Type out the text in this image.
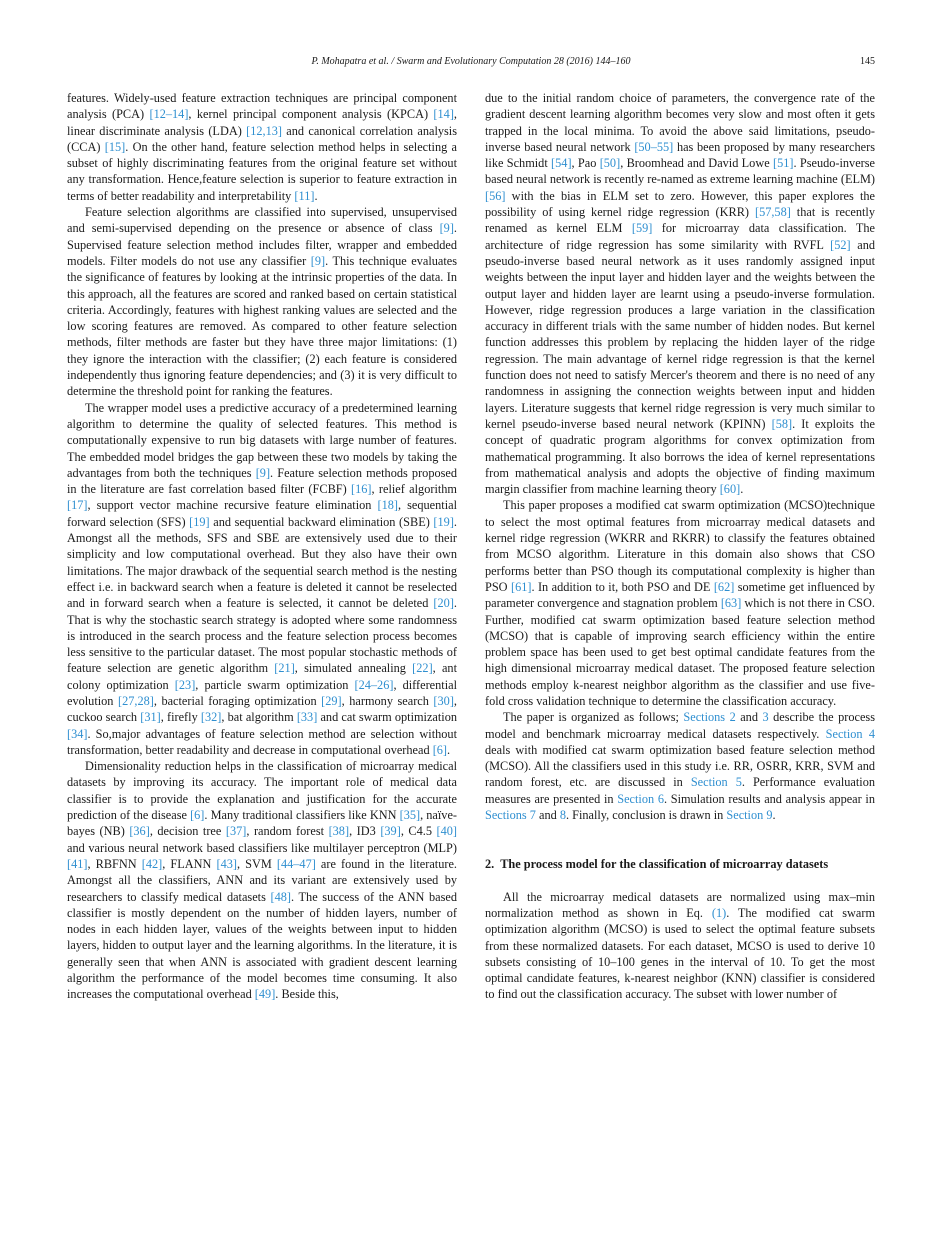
P. Mohapatra et al. / Swarm and Evolutionary Computation 28 (2016) 144–160	145

features. Widely-used feature extraction techniques are principal component analysis (PCA) [12–14], kernel principal component analysis (KPCA) [14], linear discriminate analysis (LDA) [12,13] and canonical correlation analysis (CCA) [15]. On the other hand, feature selection method helps in selecting a subset of highly discriminating features from the original feature set without any transformation. Hence,feature selection is superior to feature extraction in terms of better readability and interpretability [11].

Feature selection algorithms are classified into supervised, unsupervised and semi-supervised depending on the presence or absence of class [9]. Supervised feature selection method includes filter, wrapper and embedded models. Filter models do not use any classifier [9]. This technique evaluates the significance of features by looking at the intrinsic properties of the data. In this approach, all the features are scored and ranked based on certain statistical criteria. Accordingly, features with highest ranking values are selected and the low scoring features are removed. As compared to other feature selection methods, filter methods are faster but they have three major limitations: (1) they ignore the interaction with the classifier; (2) each feature is considered independently thus ignoring feature dependencies; and (3) it is very difficult to determine the threshold point for ranking the features.

The wrapper model uses a predictive accuracy of a predetermined learning algorithm to determine the quality of selected features. This method is computationally expensive to run big datasets with large number of features. The embedded model bridges the gap between these two models by taking the advantages from both the techniques [9]. Feature selection methods proposed in the literature are fast correlation based filter (FCBF) [16], relief algorithm [17], support vector machine recursive feature elimination [18], sequential forward selection (SFS) [19] and sequential backward elimination (SBE) [19]. Amongst all the methods, SFS and SBE are extensively used due to their simplicity and low computational overhead. But they also have their own limitations. The major drawback of the sequential search method is the nesting effect i.e. in backward search when a feature is deleted it cannot be reselected and in forward search when a feature is selected, it cannot be deleted [20]. That is why the stochastic search strategy is adopted where some randomness is introduced in the search process and the feature selection process becomes less sensitive to the particular dataset. The most popular stochastic methods of feature selection are genetic algorithm [21], simulated annealing [22], ant colony optimization [23], particle swarm optimization [24–26], differential evolution [27,28], bacterial foraging optimization [29], harmony search [30], cuckoo search [31], firefly [32], bat algorithm [33] and cat swarm optimization [34]. So,major advantages of feature selection method are selection without transformation, better readability and decrease in computational overhead [6].

Dimensionality reduction helps in the classification of microarray medical datasets by improving its accuracy. The important role of medical data classifier is to provide the explanation and justification for the accurate prediction of the disease [6]. Many traditional classifiers like KNN [35], naïve-bayes (NB) [36], decision tree [37], random forest [38], ID3 [39], C4.5 [40] and various neural network based classifiers like multilayer perceptron (MLP) [41], RBFNN [42], FLANN [43], SVM [44–47] are found in the literature. Amongst all the classifiers, ANN and its variant are extensively used by researchers to classify medical datasets [48]. The success of the ANN based classifier is mostly dependent on the number of hidden layers, number of nodes in each hidden layer, values of the weights between input to hidden layers, hidden to output layer and the learning algorithms. In the literature, it is generally seen that when ANN is associated with gradient descent learning algorithm the performance of the model becomes time consuming. It also increases the computational overhead [49]. Beside this,

due to the initial random choice of parameters, the convergence rate of the gradient descent learning algorithm becomes very slow and most often it gets trapped in the local minima. To avoid the above said limitations, pseudo-inverse based neural network [50–55] has been proposed by many researchers like Schmidt [54], Pao [50], Broomhead and David Lowe [51]. Pseudo-inverse based neural network is recently re-named as extreme learning machine (ELM) [56] with the bias in ELM set to zero. However, this paper explores the possibility of using kernel ridge regression (KRR) [57,58] that is recently renamed as kernel ELM [59] for microarray data classification. The architecture of ridge regression has some similarity with RVFL [52] and pseudo-inverse based neural network as it uses randomly assigned input weights between the input layer and hidden layer and the weights between the output layer and hidden layer are learnt using a pseudo-inverse formulation. However, ridge regression produces a large variation in the classification accuracy in different trials with the same number of hidden nodes. But kernel function addresses this problem by replacing the hidden layer of the ridge regression. The main advantage of kernel ridge regression is that the kernel function does not need to satisfy Mercer's theorem and there is no need of any randomness in assigning the connection weights between input and hidden layers. Literature suggests that kernel ridge regression is very much similar to kernel pseudo-inverse based neural network (KPINN) [58]. It exploits the concept of quadratic program algorithms for convex optimization from mathematical programming. It also borrows the idea of kernel representations from mathematical analysis and adopts the objective of finding maximum margin classifier from machine learning theory [60].

This paper proposes a modified cat swarm optimization (MCSO)technique to select the most optimal features from microarray medical datasets and kernel ridge regression (WKRR and RKRR) to classify the features obtained from MCSO algorithm. Literature in this domain also shows that CSO performs better than PSO though its computational complexity is higher than PSO [61]. In addition to it, both PSO and DE [62] sometime get influenced by parameter convergence and stagnation problem [63] which is not there in CSO. Further, modified cat swarm optimization based feature selection method (MCSO) that is capable of improving search efficiency within the entire problem space has been used to get best optimal candidate features from the high dimensional microarray medical dataset. The proposed feature selection methods employ k-nearest neighbor algorithm as the classifier and use five-fold cross validation technique to determine the classification accuracy.

The paper is organized as follows; Sections 2 and 3 describe the process model and benchmark microarray medical datasets respectively. Section 4 deals with modified cat swarm optimization based feature selection method (MCSO). All the classifiers used in this study i.e. RR, OSRR, KRR, SVM and random forest, etc. are discussed in Section 5. Performance evaluation measures are presented in Section 6. Simulation results and analysis appear in Sections 7 and 8. Finally, conclusion is drawn in Section 9.

2. The process model for the classification of microarray datasets

All the microarray medical datasets are normalized using max–min normalization method as shown in Eq. (1). The modified cat swarm optimization algorithm (MCSO) is used to select the optimal feature subsets from these normalized datasets. For each dataset, MCSO is used to derive 10 subsets consisting of 10–100 genes in the interval of 10. To get the most optimal candidate features, k-nearest neighbor (KNN) classifier is considered to find out the classification accuracy. The subset with lower number of
